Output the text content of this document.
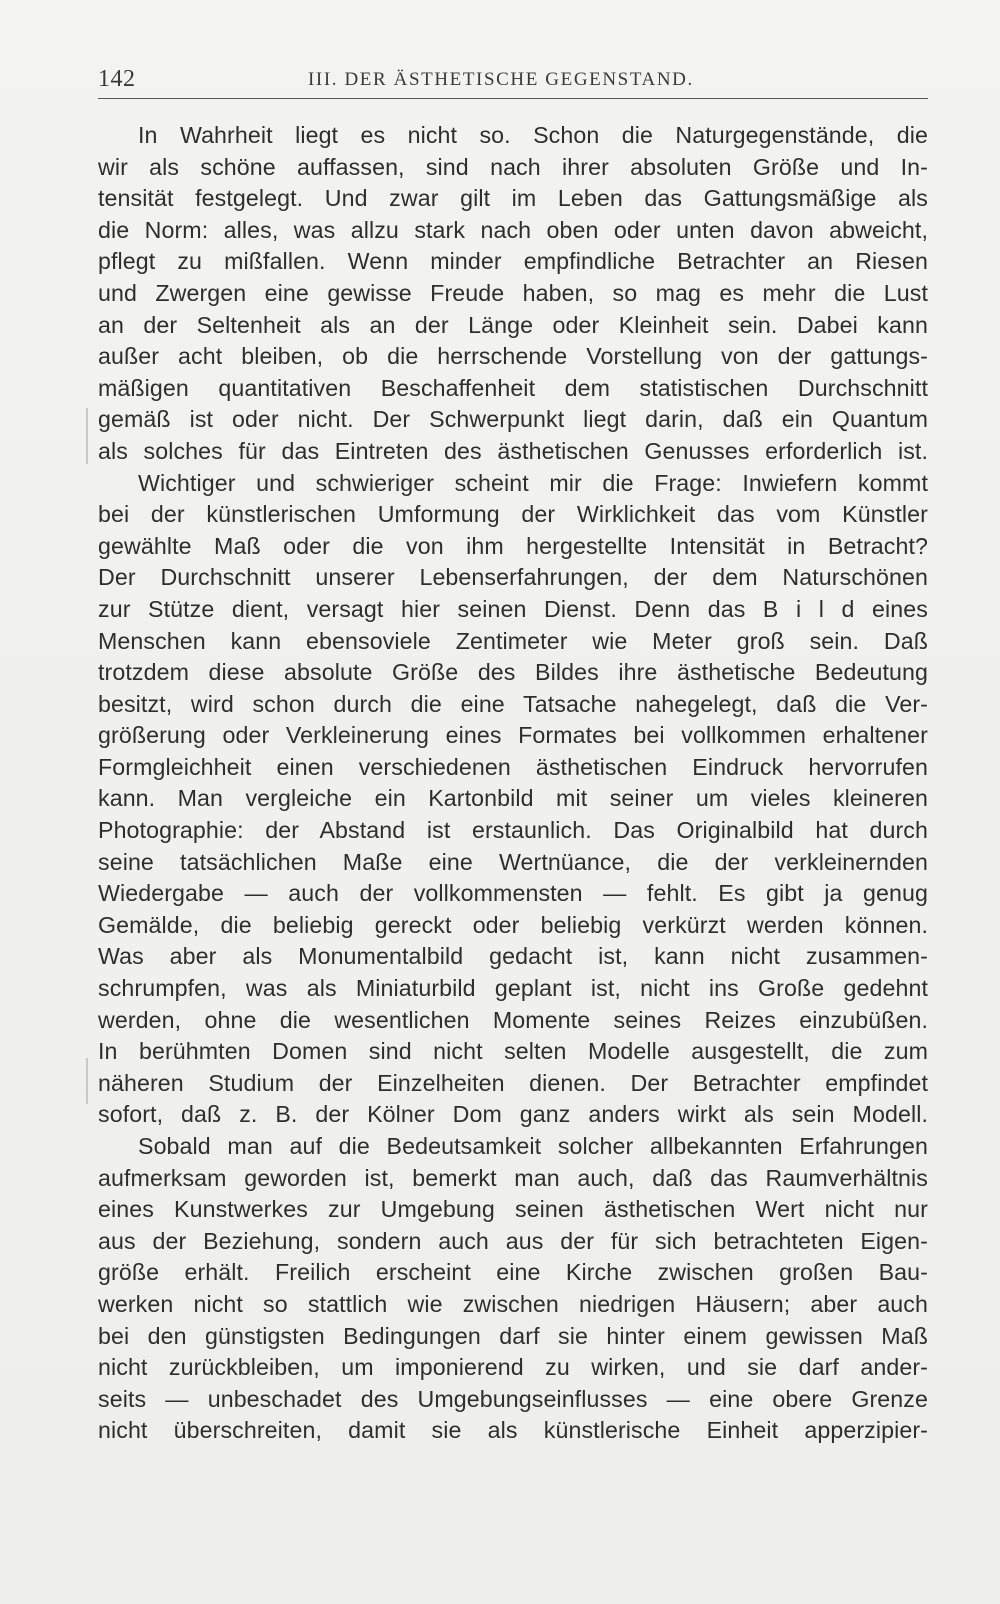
142	III. DER ÄSTHETISCHE GEGENSTAND.
In Wahrheit liegt es nicht so. Schon die Naturgegenstände, die
wir als schöne auffassen, sind nach ihrer absoluten Größe und In-
tensität festgelegt. Und zwar gilt im Leben das Gattungsmäßige als
die Norm: alles, was allzu stark nach oben oder unten davon abweicht,
pflegt zu mißfallen. Wenn minder empfindliche Betrachter an Riesen
und Zwergen eine gewisse Freude haben, so mag es mehr die Lust
an der Seltenheit als an der Länge oder Kleinheit sein. Dabei kann
außer acht bleiben, ob die herrschende Vorstellung von der gattungs-
mäßigen quantitativen Beschaffenheit dem statistischen Durchschnitt
gemäß ist oder nicht. Der Schwerpunkt liegt darin, daß ein Quantum
als solches für das Eintreten des ästhetischen Genusses erforderlich ist.
Wichtiger und schwieriger scheint mir die Frage: Inwiefern kommt
bei der künstlerischen Umformung der Wirklichkeit das vom Künstler
gewählte Maß oder die von ihm hergestellte Intensität in Betracht?
Der Durchschnitt unserer Lebenserfahrungen, der dem Naturschönen
zur Stütze dient, versagt hier seinen Dienst. Denn das B i l d eines
Menschen kann ebensoviele Zentimeter wie Meter groß sein. Daß
trotzdem diese absolute Größe des Bildes ihre ästhetische Bedeutung
besitzt, wird schon durch die eine Tatsache nahegelegt, daß die Ver-
größerung oder Verkleinerung eines Formates bei vollkommen erhaltener
Formgleichheit einen verschiedenen ästhetischen Eindruck hervorrufen
kann. Man vergleiche ein Kartonbild mit seiner um vieles kleineren
Photographie: der Abstand ist erstaunlich. Das Originalbild hat durch
seine tatsächlichen Maße eine Wertnüance, die der verkleinernden
Wiedergabe — auch der vollkommensten — fehlt. Es gibt ja genug
Gemälde, die beliebig gereckt oder beliebig verkürzt werden können.
Was aber als Monumentalbild gedacht ist, kann nicht zusammen-
schrumpfen, was als Miniaturbild geplant ist, nicht ins Große gedehnt
werden, ohne die wesentlichen Momente seines Reizes einzubüßen.
In berühmten Domen sind nicht selten Modelle ausgestellt, die zum
näheren Studium der Einzelheiten dienen. Der Betrachter empfindet
sofort, daß z. B. der Kölner Dom ganz anders wirkt als sein Modell.
Sobald man auf die Bedeutsamkeit solcher allbekannten Erfahrungen
aufmerksam geworden ist, bemerkt man auch, daß das Raumverhältnis
eines Kunstwerkes zur Umgebung seinen ästhetischen Wert nicht nur
aus der Beziehung, sondern auch aus der für sich betrachteten Eigen-
größe erhält. Freilich erscheint eine Kirche zwischen großen Bau-
werken nicht so stattlich wie zwischen niedrigen Häusern; aber auch
bei den günstigsten Bedingungen darf sie hinter einem gewissen Maß
nicht zurückbleiben, um imponierend zu wirken, und sie darf ander-
seits — unbeschadet des Umgebungseinflusses — eine obere Grenze
nicht überschreiten, damit sie als künstlerische Einheit apperzipier-
